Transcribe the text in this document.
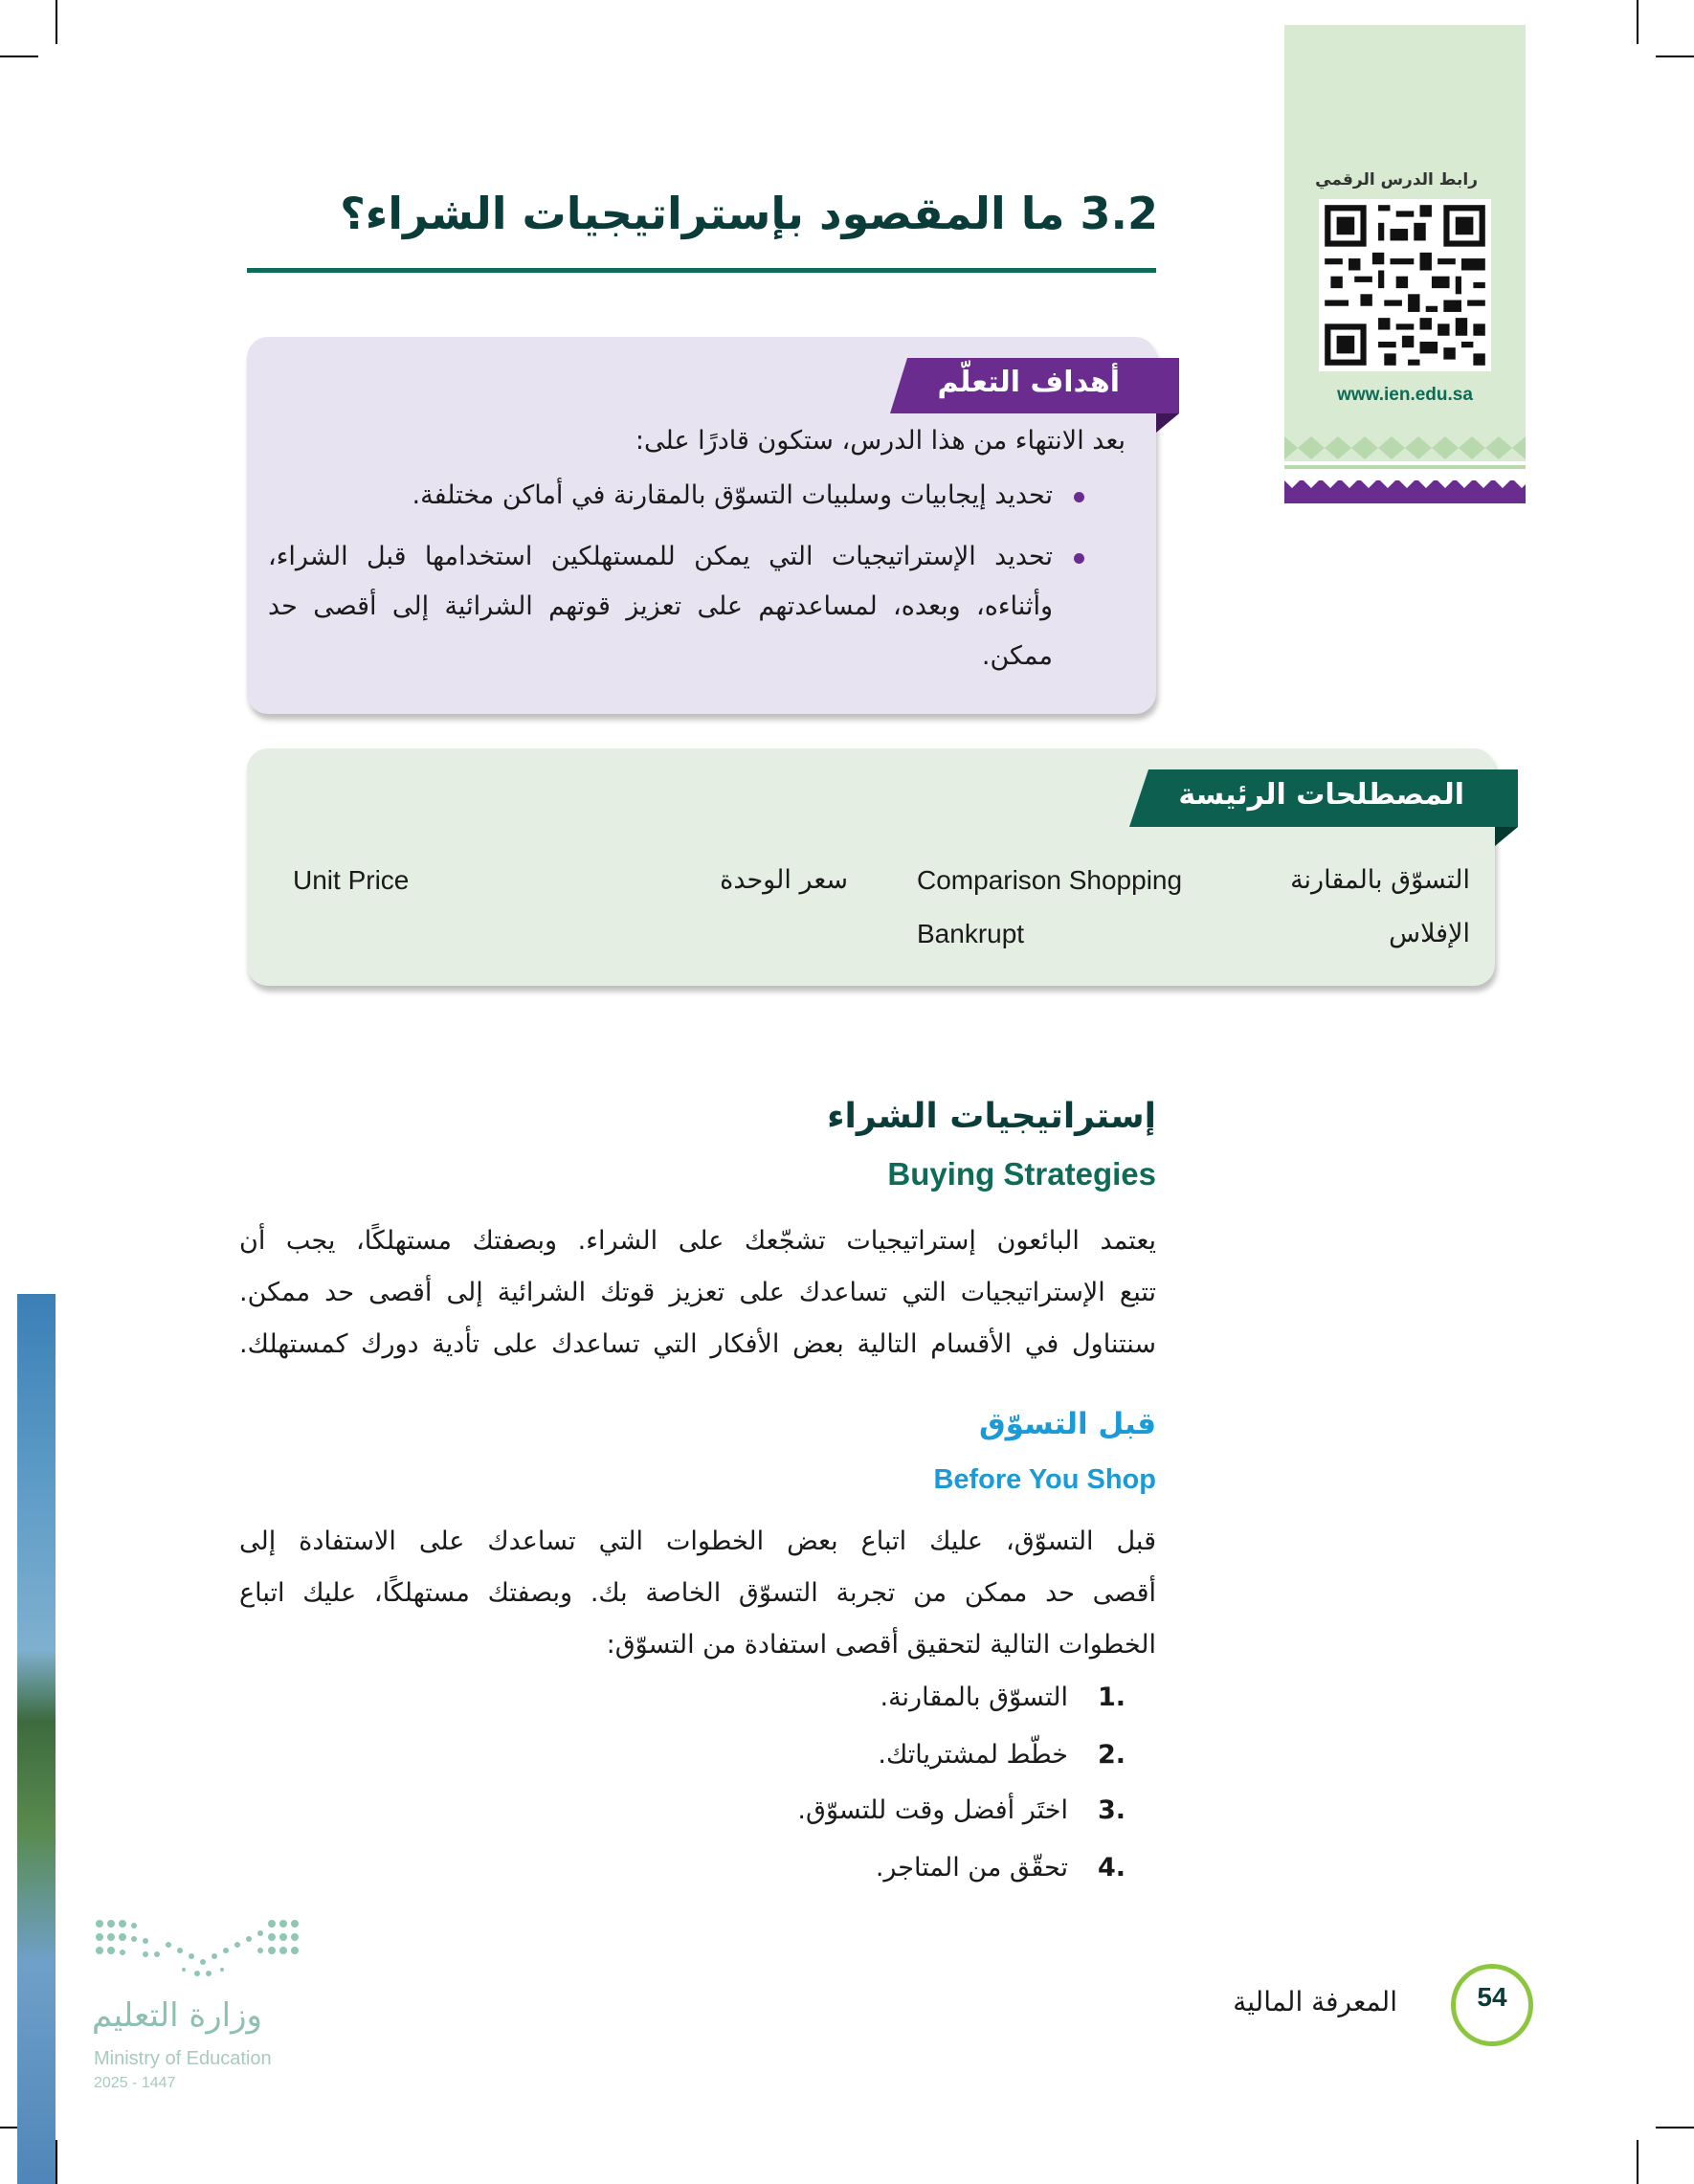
رابط الدرس الرقمي
www.ien.edu.sa
3.2 ما المقصود بإستراتيجيات الشراء؟
أهداف التعلّم
بعد الانتهاء من هذا الدرس، ستكون قادرًا على:
تحديد إيجابيات وسلبيات التسوّق بالمقارنة في أماكن مختلفة.
تحديد الإستراتيجيات التي يمكن للمستهلكين استخدامها قبل الشراء، وأثناءه، وبعده، لمساعدتهم على تعزيز قوتهم الشرائية إلى أقصى حد ممكن.
المصطلحات الرئيسة
التسوّق بالمقارنة
Comparison Shopping
سعر الوحدة
Unit Price
الإفلاس
Bankrupt
إستراتيجيات الشراء
Buying Strategies
يعتمد البائعون إستراتيجيات تشجّعك على الشراء. وبصفتك مستهلكًا، يجب أن
تتبع الإستراتيجيات التي تساعدك على تعزيز قوتك الشرائية إلى أقصى حد ممكن.
سنتناول في الأقسام التالية بعض الأفكار التي تساعدك على تأدية دورك كمستهلك.
قبل التسوّق
Before You Shop
قبل التسوّق، عليك اتباع بعض الخطوات التي تساعدك على الاستفادة إلى
أقصى حد ممكن من تجربة التسوّق الخاصة بك. وبصفتك مستهلكًا، عليك اتباع
الخطوات التالية لتحقيق أقصى استفادة من التسوّق:
1.
التسوّق بالمقارنة.
2.
خطّط لمشترياتك.
3.
اختَر أفضل وقت للتسوّق.
4.
تحقّق من المتاجر.
54
المعرفة المالية
وزارة التعليم
Ministry of Education
2025 - 1447
